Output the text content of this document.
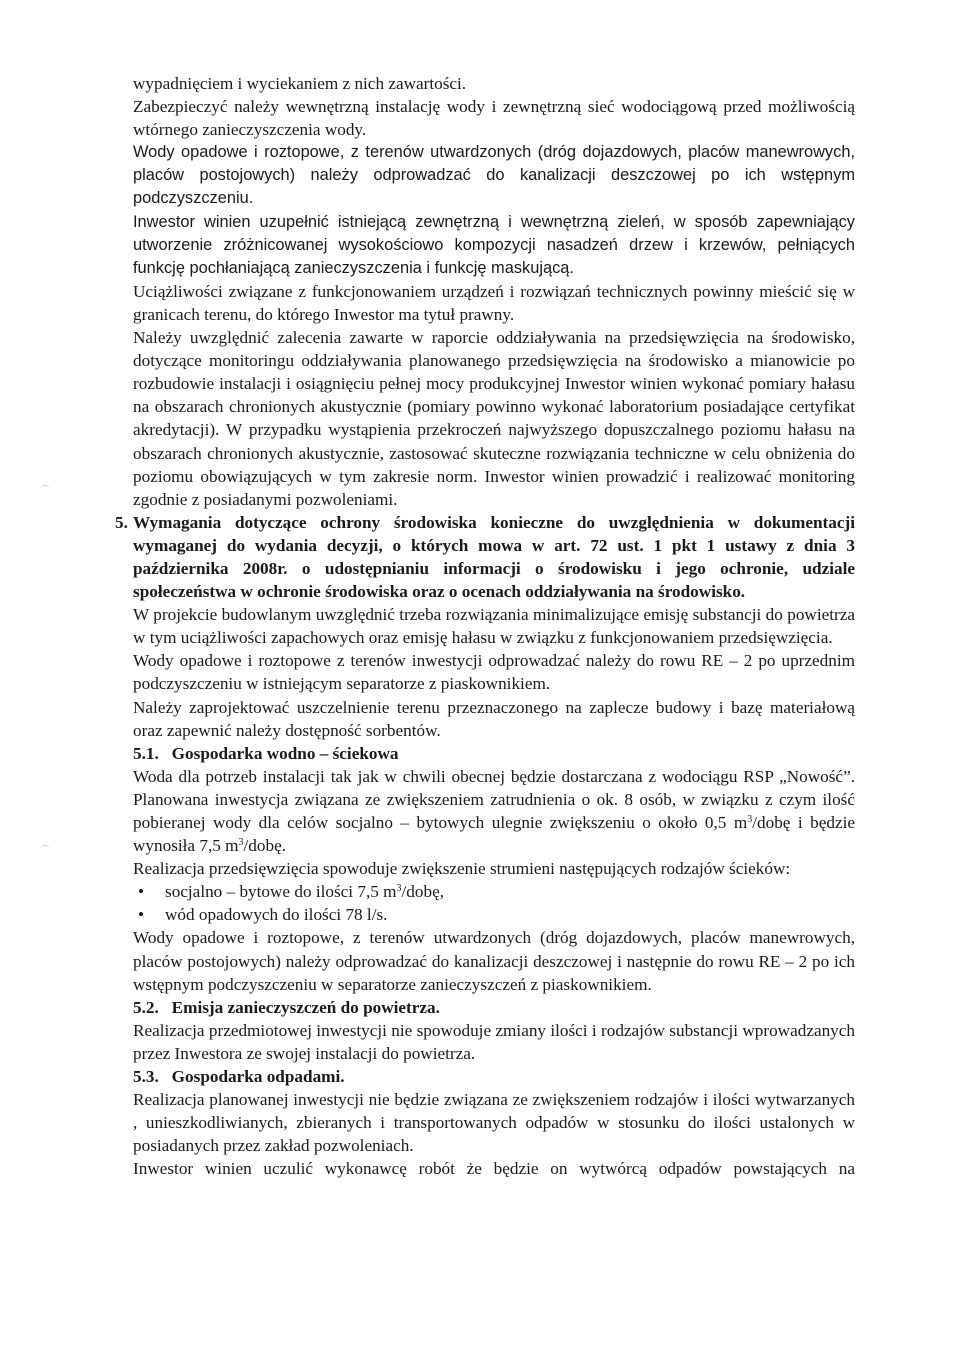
wypadnięciem i wyciekaniem z nich zawartości.

Zabezpieczyć należy wewnętrzną instalację wody i zewnętrzną sieć wodociągową przed możliwością wtórnego zanieczyszczenia wody.

Wody opadowe i roztopowe, z terenów utwardzonych (dróg dojazdowych, placów manewrowych, placów postojowych) należy odprowadzać do kanalizacji deszczowej po ich wstępnym podczyszczeniu.

Inwestor winien uzupełnić istniejącą zewnętrzną i wewnętrzną zieleń, w sposób zapewniający utworzenie zróżnicowanej wysokościowo kompozycji nasadzeń drzew i krzewów, pełniących funkcję pochłaniającą zanieczyszczenia i funkcję maskującą.

Uciążliwości związane z funkcjonowaniem urządzeń i rozwiązań technicznych powinny mieścić się w granicach terenu, do którego Inwestor ma tytuł prawny.

Należy uwzględnić zalecenia zawarte w raporcie oddziaływania na przedsięwzięcia na środowisko, dotyczące monitoringu oddziaływania planowanego przedsięwzięcia na środowisko a mianowicie po rozbudowie instalacji i osiągnięciu pełnej mocy produkcyjnej Inwestor winien wykonać pomiary hałasu na obszarach chronionych akustycznie (pomiary powinno wykonać laboratorium posiadające certyfikat akredytacji). W przypadku wystąpienia przekroczeń najwyższego dopuszczalnego poziomu hałasu na obszarach chronionych akustycznie, zastosować skuteczne rozwiązania techniczne w celu obniżenia do poziomu obowiązujących w tym zakresie norm. Inwestor winien prowadzić i realizować monitoring zgodnie z posiadanymi pozwoleniami.

5. Wymagania dotyczące ochrony środowiska konieczne do uwzględnienia w dokumentacji wymaganej do wydania decyzji, o których mowa w art. 72 ust. 1 pkt 1 ustawy z dnia 3 października 2008r. o udostępnianiu informacji o środowisku i jego ochronie, udziale społeczeństwa w ochronie środowiska oraz o ocenach oddziaływania na środowisko.

W projekcie budowlanym uwzględnić trzeba rozwiązania minimalizujące emisję substancji do powietrza w tym uciążliwości zapachowych oraz emisję hałasu w związku z funkcjonowaniem przedsięwzięcia.

Wody opadowe i roztopowe z terenów inwestycji odprowadzać należy do rowu RE – 2 po uprzednim podczyszczeniu w istniejącym separatorze z piaskownikiem.

Należy zaprojektować uszczelnienie terenu przeznaczonego na zaplecze budowy i bazę materiałową oraz zapewnić należy dostępność sorbentów.

5.1.   Gospodarka wodno – ściekowa

Woda dla potrzeb instalacji tak jak w chwili obecnej będzie dostarczana z wodociągu RSP „Nowość”. Planowana inwestycja związana ze zwiększeniem zatrudnienia o ok. 8 osób, w związku z czym ilość pobieranej wody dla celów socjalno – bytowych ulegnie zwiększeniu o około 0,5 $m^3$/dobę i będzie wynosiła 7,5 $m^3$/dobę.

Realizacja przedsięwzięcia spowoduje zwiększenie strumieni następujących rodzajów ścieków:

• socjalno – bytowe do ilości 7,5 $m^3$/dobę,
• wód opadowych do ilości 78 l/s.

Wody opadowe i roztopowe, z terenów utwardzonych (dróg dojazdowych, placów manewrowych, placów postojowych) należy odprowadzać do kanalizacji deszczowej i następnie do rowu RE – 2 po ich wstępnym podczyszczeniu w separatorze zanieczyszczeń z piaskownikiem.

5.2.   Emisja zanieczyszczeń do powietrza.

Realizacja przedmiotowej inwestycji nie spowoduje zmiany ilości i rodzajów substancji wprowadzanych przez Inwestora ze swojej instalacji do powietrza.

5.3.   Gospodarka odpadami.

Realizacja planowanej inwestycji nie będzie związana ze zwiększeniem rodzajów i ilości wytwarzanych , unieszkodliwianych, zbieranych i transportowanych odpadów w stosunku do ilości ustalonych w posiadanych przez zakład pozwoleniach.

Inwestor winien uczulić wykonawcę robót że będzie on wytwórcą odpadów powstających na
